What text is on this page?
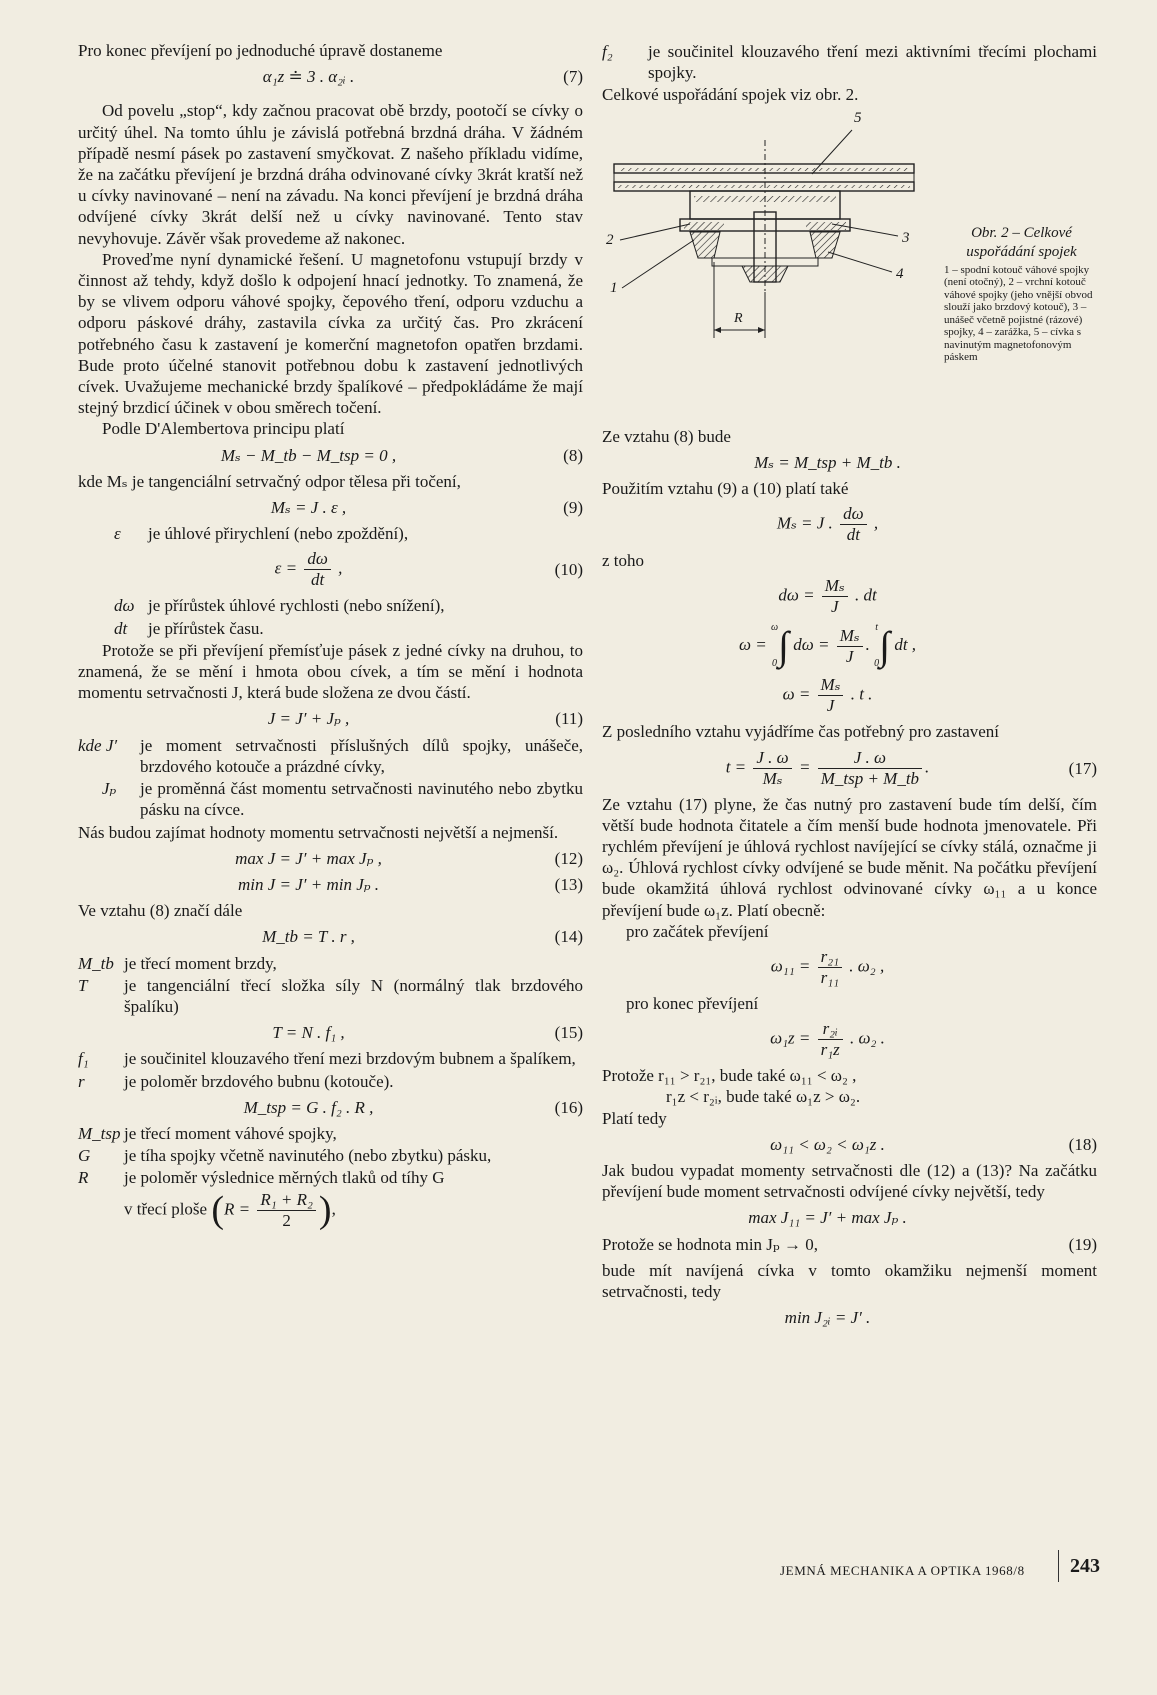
Pro konec převíjení po jednoduché úpravě dostaneme

α₁z ≐ 3 . α₂ᵢ .	(7)

Od povelu „stop“, kdy začnou pracovat obě brzdy, pootočí se cívky o určitý úhel. Na tomto úhlu je závislá potřebná brzdná dráha. V žádném případě nesmí pásek po zastavení smyčkovat. Z našeho příkladu vidíme, že na začátku převíjení je brzdná dráha odvinované cívky 3krát kratší než u cívky navinované – není na závadu. Na konci převíjení je brzdná dráha odvíjené cívky 3krát delší než u cívky navinované. Tento stav nevyhovuje. Závěr však provedeme až nakonec.

Proveďme nyní dynamické řešení. U magnetofonu vstupují brzdy v činnost až tehdy, když došlo k odpojení hnací jednotky. To znamená, že by se vlivem odporu váhové spojky, čepového tření, odporu vzduchu a odporu páskové dráhy, zastavila cívka za určitý čas. Pro zkrácení potřebného času k zastavení je komerční magnetofon opatřen brzdami. Bude proto účelné stanovit potřebnou dobu k zastavení jednotlivých cívek. Uvažujeme mechanické brzdy špalíkové – předpokládáme že mají stejný brzdicí účinek v obou směrech točení.

Podle D'Alembertova principu platí

Mₛ − M_tb − M_tsp = 0 ,	(8)

kde Mₛ je tangenciální setrvačný odpor tělesa při točení,

Mₛ = J . ε ,	(9)
ε	je úhlové přirychlení (nebo zpoždění),
$\varepsilon = \frac{d\omega}{dt}$ ,	(10)
dω je přírůstek úhlové rychlosti (nebo snížení),
dt	je přírůstek času.

Protože se při převíjení přemísťuje pásek z jedné cívky na druhou, to znamená, že se mění i hmota obou cívek, a tím se mění i hodnota momentu setrvačnosti J, která bude složena ze dvou částí.

J = J′ + Jₚ ,	(11)
kde J′	je moment setrvačnosti příslušných dílů spojky, unášeče, brzdového kotouče a prázdné cívky,
Jₚ	je proměnná část momentu setrvačnosti navinutého nebo zbytku pásku na cívce.

Nás budou zajímat hodnoty momentu setrvačnosti největší a nejmenší.

max J = J′ + max Jₚ ,	(12)
min J = J′ + min Jₚ .	(13)

Ve vztahu (8) značí dále

M_tb = T . r ,	(14)
M_tb je třecí moment brzdy,
T	je tangenciální třecí složka síly N (normálný tlak brzdového špalíku)
T = N . f₁ ,	(15)
f₁	je součinitel klouzavého tření mezi brzdovým bubnem a špalíkem,
r	je poloměr brzdového bubnu (kotouče).
M_tsp = G . f₂ . R ,	(16)
M_tsp je třecí moment váhové spojky,
G	je tíha spojky včetně navinutého (nebo zbytku) pásku,
R	je poloměr výslednice měrných tlaků od tíhy G
v třecí ploše ($R = \frac{\text{R₁ + R₂}}{2}$ ),
f₂	je součinitel klouzavého tření mezi aktivními třecími plochami spojky.

Celkové uspořádání spojek viz obr. 2.

1
2	3
4
5
R
Obr. 2 – Celkové uspořádání spojek
1 – spodní kotouč váhové spojky (není otočný), 2 – vrchní kotouč váhové spojky (jeho vnější obvod slouží jako brzdový kotouč), 3 – unášeč včetně pojistné (rázové) spojky, 4 – zarážka, 5 – cívka s navinutým magnetofonovým páskem

Ze vztahu (8) bude

Mₛ = M_tsp + M_tb .

Použitím vztahu (9) a (10) platí také

Mₛ = J . $\frac{d\omega}{dt}$ ,

z toho

$d\omega = \frac{\text{Mₛ}}{J}$ . dt
ω =
ω
0∫ $d\omega = \frac{\text{Mₛ}}{J}$ .
t
0∫ dt ,
$\omega = \frac{\text{Mₛ}}{J}$ . t .

Z posledního vztahu vyjádříme čas potřebný pro zastavení

$t = \frac{J . \omega}{\text{Mₛ}} = \frac{J . \omega}{\text{M\_tsp + M\_tb}}$ .	(17)

Ze vztahu (17) plyne, že čas nutný pro zastavení bude tím delší, čím větší bude hodnota čitatele a čím menší bude hodnota jmenovatele. Při rychlém převíjení je úhlová rychlost navíjející se cívky stálá, označme ji ω₂. Úhlová rychlost cívky odvíjené se bude měnit. Na počátku převíjení bude okamžitá úhlová rychlost odvinované cívky ω₁₁ a u konce převíjení bude ω₁z. Platí obecně:

pro začátek převíjení

$\omega_{11} = \frac{\text{r₂₁}}{\text{r₁₁}}$ . ω₂ ,

pro konec převíjení

$\omega_1z = \frac{\text{r₂ᵢ}}{\text{r₁z}}$ . ω₂ .

Protože r₁₁ > r₂₁, bude také ω₁₁ < ω₂ ,

r₁z < r₂ᵢ, bude také ω₁z > ω₂.

Platí tedy

ω₁₁ < ω₂ < ω₁z .	(18)

Jak budou vypadat momenty setrvačnosti dle (12) a (13)? Na začátku převíjení bude moment setrvačnosti odvíjené cívky největší, tedy

max J₁₁ = J′ + max Jₚ .
Protože se hodnota min Jₚ → 0,	(19)

bude mít navíjená cívka v tomto okamžiku nejmenší moment setrvačnosti, tedy

min J₂ᵢ = J′ .
JEMNÁ MECHANIKA A OPTIKA 1968/8 243
